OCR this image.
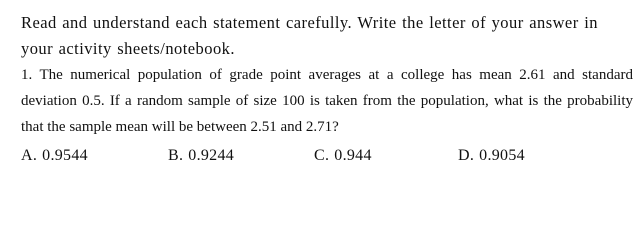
Read and understand each statement carefully. Write the letter of your answer in your activity sheets/notebook.

1. The numerical population of grade point averages at a college has mean 2.61 and standard deviation 0.5. If a random sample of size 100 is taken from the population, what is the probability that the sample mean will be between 2.51 and 2.71?

A. 0.9544	B. 0.9244	C. 0.944	D. 0.9054
